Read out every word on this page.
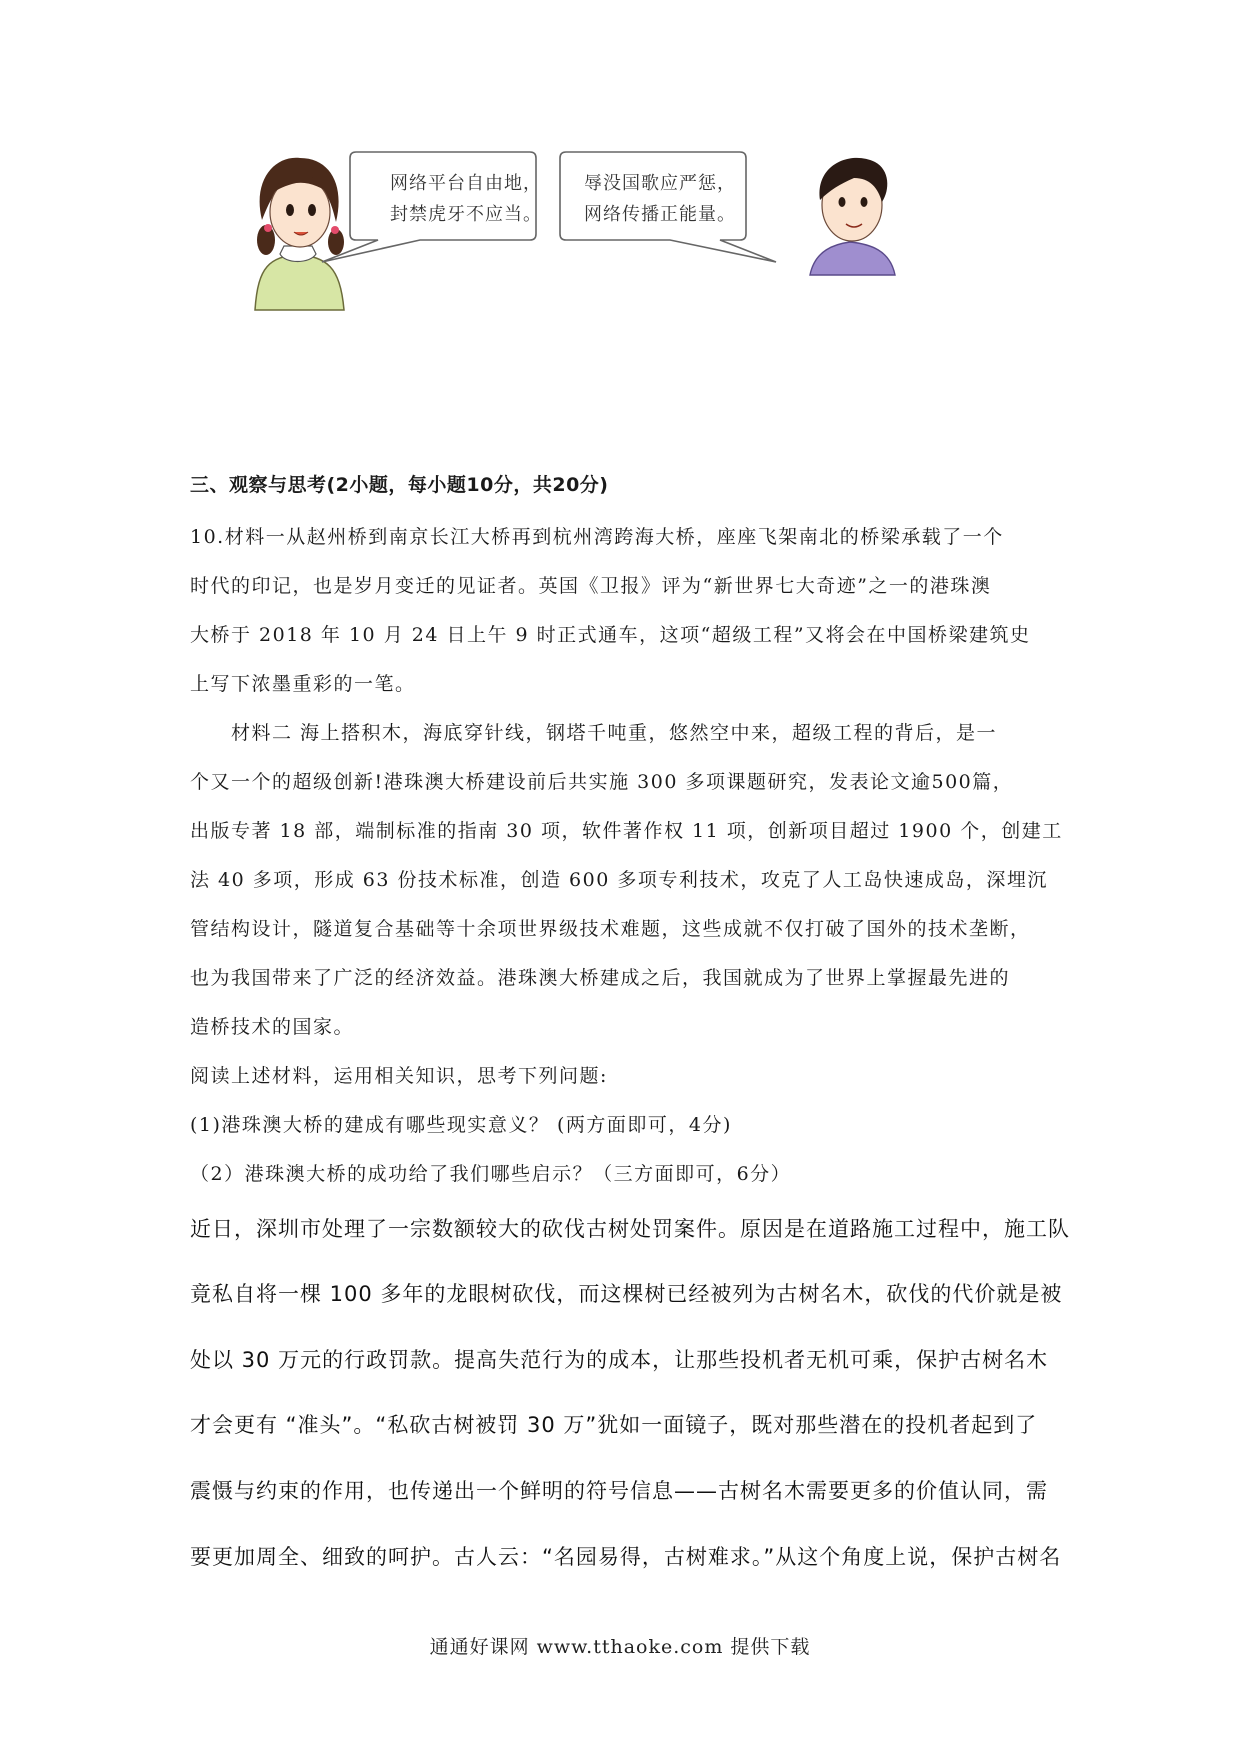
网络平台自由地，
封禁虎牙不应当。
辱没国歌应严惩，
网络传播正能量。
三、观察与思考(2小题，每小题10分，共20分)
10.材料一从赵州桥到南京长江大桥再到杭州湾跨海大桥，座座飞架南北的桥梁承载了一个
时代的印记，也是岁月变迁的见证者。英国《卫报》评为“新世界七大奇迹”之一的港珠澳
大桥于 2018 年 10 月 24 日上午 9 时正式通车，这项“超级工程”又将会在中国桥梁建筑史
上写下浓墨重彩的一笔。
材料二 海上搭积木，海底穿针线，钢塔千吨重，悠然空中来，超级工程的背后，是一
个又一个的超级创新!港珠澳大桥建设前后共实施 300 多项课题研究，发表论文逾500篇，
出版专著 18 部，端制标准的指南 30 项，软件著作权 11 项，创新项目超过 1900 个，创建工
法 40 多项，形成 63 份技术标准，创造 600 多项专利技术，攻克了人工岛快速成岛，深埋沉
管结构设计，隧道复合基础等十余项世界级技术难题，这些成就不仅打破了国外的技术垄断，
也为我国带来了广泛的经济效益。港珠澳大桥建成之后，我国就成为了世界上掌握最先进的
造桥技术的国家。
阅读上述材料，运用相关知识，思考下列问题:
(1)港珠澳大桥的建成有哪些现实意义？ (两方面即可，4分)
（2）港珠澳大桥的成功给了我们哪些启示？（三方面即可，6分）
近日，深圳市处理了一宗数额较大的砍伐古树处罚案件。原因是在道路施工过程中，施工队
竟私自将一棵 100 多年的龙眼树砍伐，而这棵树已经被列为古树名木，砍伐的代价就是被
处以 30 万元的行政罚款。提高失范行为的成本，让那些投机者无机可乘，保护古树名木
才会更有 “准头”。“私砍古树被罚 30 万”犹如一面镜子，既对那些潜在的投机者起到了
震慑与约束的作用，也传递出一个鲜明的符号信息——古树名木需要更多的价值认同，需
要更加周全、细致的呵护。古人云：“名园易得，古树难求。”从这个角度上说，保护古树名
通通好课网 www.tthaoke.com 提供下载
